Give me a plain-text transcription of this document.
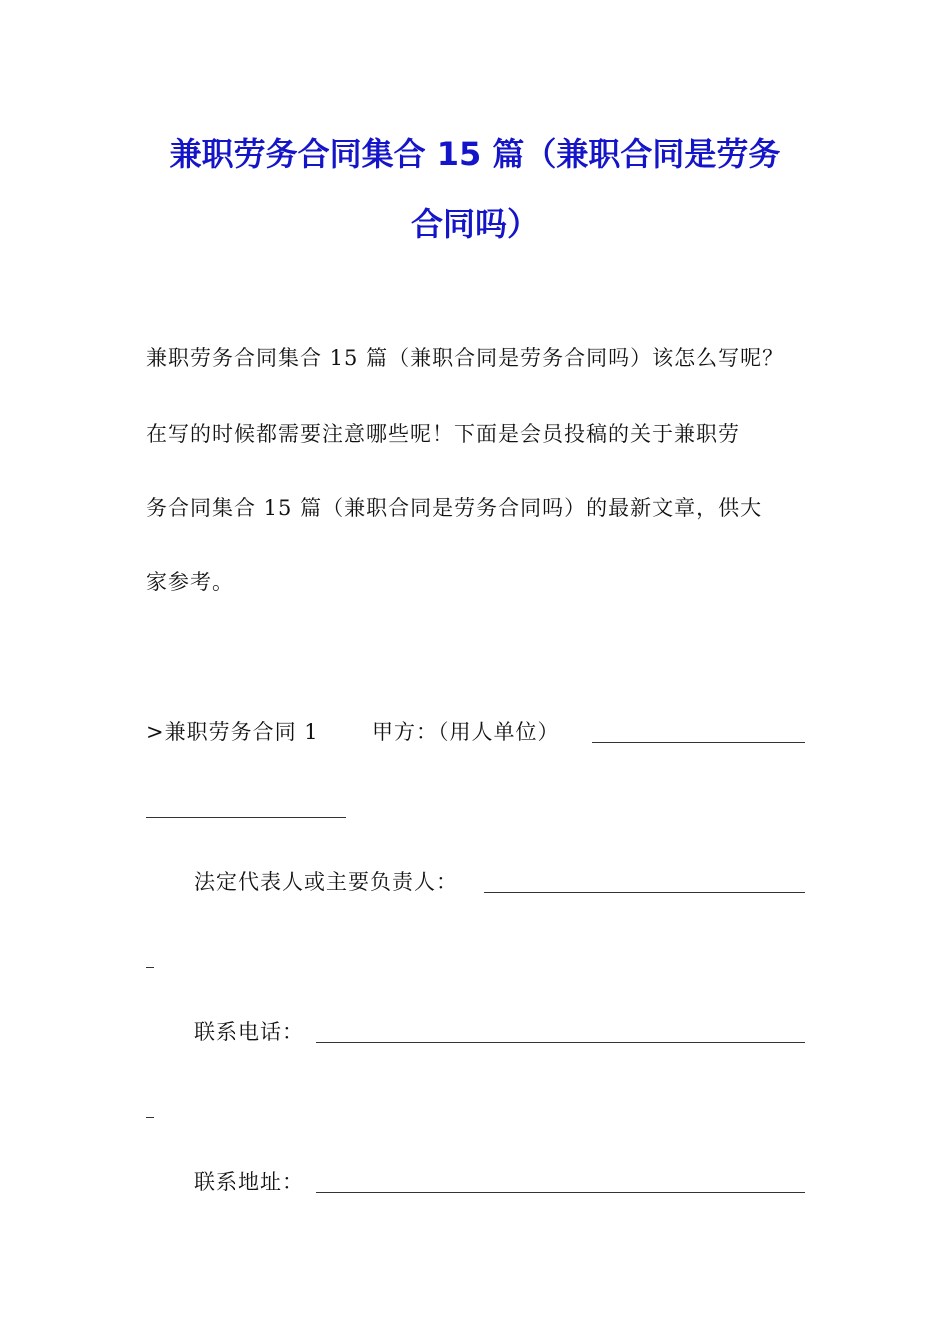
兼职劳务合同集合 15 篇（兼职合同是劳务
合同吗）
兼职劳务合同集合 15 篇（兼职合同是劳务合同吗）该怎么写呢？
在写的时候都需要注意哪些呢！下面是会员投稿的关于兼职劳
务合同集合 15 篇（兼职合同是劳务合同吗）的最新文章，供大
家参考。
>兼职劳务合同 1	甲方：（用人单位）
法定代表人或主要负责人：
联系电话：
联系地址：
